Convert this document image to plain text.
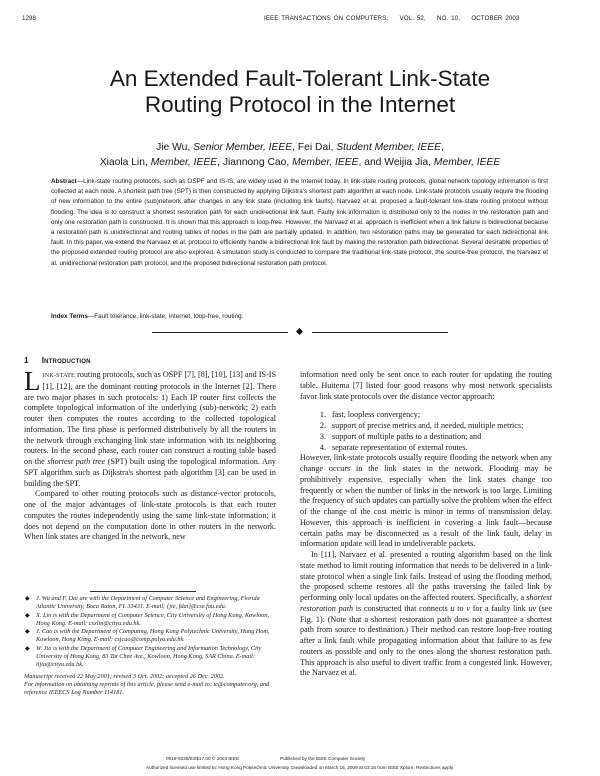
1298	IEEE TRANSACTIONS ON COMPUTERS,    VOL. 52,    NO. 10,    OCTOBER 2003
An Extended Fault-Tolerant Link-State
Routing Protocol in the Internet
Jie Wu, Senior Member, IEEE, Fei Dai, Student Member, IEEE,
Xiaola Lin, Member, IEEE, Jiannong Cao, Member, IEEE, and Weijia Jia, Member, IEEE
Abstract—Link-state routing protocols, such as OSPF and IS-IS, are widely used in the Internet today. In link-state routing protocols, global network topology information is first collected at each node. A shortest path tree (SPT) is then constructed by applying Dijkstra's shortest path algorithm at each node. Link-state protocols usually require the flooding of new information to the entire (sub)network after changes in any link state (including link faults). Narvaez et al. proposed a fault-tolerant link-state routing protocol without flooding. The idea is to construct a shortest restoration path for each unidirectional link fault. Faulty link information is distributed only to the nodes in the restoration path and only one restoration path is constructed. It is shown that this approach is loop-free. However, the Narvaez et al. approach is inefficient when a link failure is bidirectional because a restoration path is unidirectional and routing tables of nodes in the path are partially updated. In addition, two restoration paths may be generated for each bidirectional link fault. In this paper, we extend the Narvaez et al. protocol to efficiently handle a bidirectional link fault by making the restoration path bidirectional. Several desirable properties of the proposed extended routing protocol are also explored. A simulation study is conducted to compare the traditional link-state protocol, the source-tree protocol, the Narvaez et al. unidirectional restoration path protocol, and the proposed bidirectional restoration path protocol.
Index Terms—Fault tolerance, link-state, Internet, loop-free, routing.
1 Introduction

LINK-STATE routing protocols, such as OSPF [7], [8], [10], [13] and IS-IS [1], [12], are the dominant routing protocols in the Internet [2]. There are two major phases in such protocols: 1) Each IP router first collects the complete topological information of the underlying (sub)-network; 2) each router then computes the routes according to the collected topological information. The first phase is performed distributively by all the routers in the network through exchanging link state information with its neighboring routers. In the second phase, each router can construct a routing table based on the shortest path tree (SPT) built using the topological information. Any SPT algorithm such as Dijkstra's shortest path algorithm [3] can be used in building the SPT.

Compared to other routing protocols such as distance-vector protocols, one of the major advantages of link-state protocols is that each router computes the routes independently using the same link-state information; it does not depend on the computation done in other routers in the network. When link states are changed in the network, new

◆ J. Wu and F. Dai are with the Department of Computer Science and Engineering, Florida Atlantic University, Boca Raton, FL 33431. E-mail: {jie, fdai}@cse.fau.edu.
◆ X. Lin is with the Department of Computer Science, City University of Hong Kong, Kowloon, Hong Kong. E-mail: csxlin@cityu.edu.hk.
◆ J. Cao is with the Department of Computing, Hong Kong Polytechnic University, Hung Hom, Kowloon, Hong Kong. E-mail: csjcao@comp.polyu.edu.hk.
◆ W. Jia is with the Department of Computer Engineering and Information Technology, City University of Hong Kong, 83 Tat Chee Ave., Kowloon, Hong Kong, SAR China. E-mail: itjia@cityu.edu.hk.
Manuscript received 22 May 2001; revised 3 Oct. 2002; accepted 26 Dec. 2002.
For information on obtaining reprints of this article, please send e-mail to: tc@computer.org, and reference IEEECS Log Number 114181.

information need only be sent once to each router for updating the routing table. Huitema [7] listed four good reasons why most network specialists favor link state protocols over the distance vector approach:

1. fast, loopless convergency;
2. support of precise metrics and, if needed, multiple metrics;
3. support of multiple paths to a destination; and
4. separate representation of external routes.

However, link-state protocols usually require flooding the network when any change occurs in the link states in the network. Flooding may be prohibitively expensive, especially when the link states change too frequently or when the number of links in the network is too large. Limiting the frequency of such updates can partially solve the problem when the effect of the change of the cost metric is minor in terms of transmission delay. However, this approach is inefficient in covering a link fault—because certain paths may be disconnected as a result of the link fault, delay in information update will lead to undeliverable packets.

In [11], Narvaez et al. presented a routing algorithm based on the link state method to limit routing information that needs to be delivered in a link-state protocol when a single link fails. Instead of using the flooding method, the proposed scheme restores all the paths traversing the failed link by performing only local updates on the affected routers. Specifically, a shortest restoration path is constructed that connects u to v for a faulty link uv (see Fig. 1). (Note that a shortest restoration path does not guarantee a shortest path from source to destination.) Their method can restore loop-free routing after a link fault while propagating information about that failure to as few routers as possible and only to the ones along the shortest restoration path. This approach is also useful to divert traffic from a congested link. However, the Narvaez et al.

0018-9340/03/$17.00 © 2003 IEEE	Published by the IEEE Computer Society
Authorized licensed use limited to: Hong Kong Polytechnic University. Downloaded on March 16, 2009 at 03:16 from IEEE Xplore. Restrictions apply.
